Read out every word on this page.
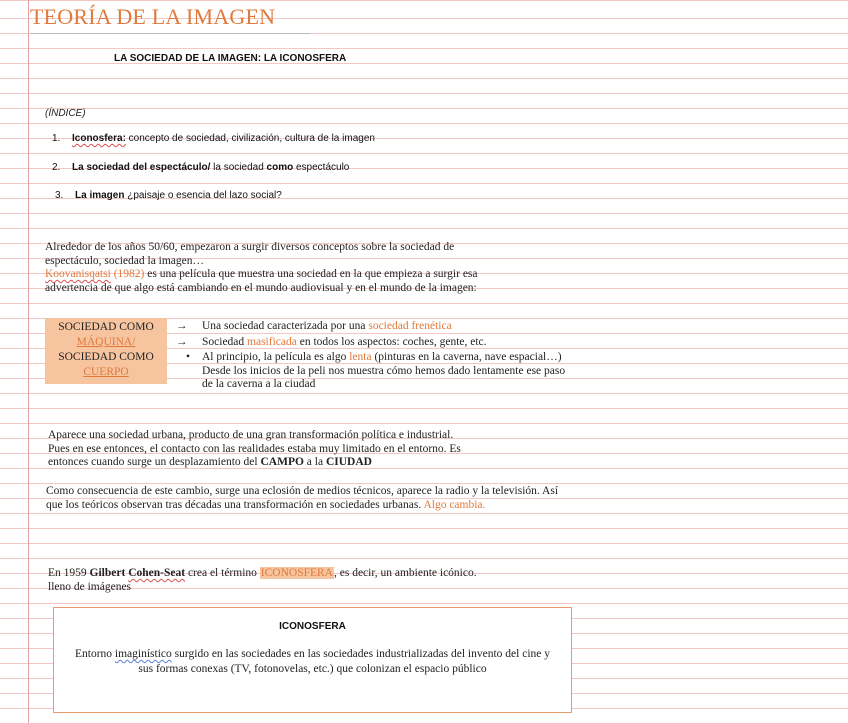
TEORÍA DE LA IMAGEN
LA SOCIEDAD DE LA IMAGEN: LA ICONOSFERA
(ÍNDICE)
1. Iconosfera: concepto de sociedad, civilización, cultura de la imagen
2. La sociedad del espectáculo/ la sociedad como espectáculo
3. La imagen ¿paisaje o esencia del lazo social?
Alrededor de los años 50/60, empezaron a surgir diversos conceptos sobre la sociedad de
espectáculo, sociedad la imagen…
Koovanisqatsi (1982) es una película que muestra una sociedad en la que empieza a surgir esa
advertencia de que algo está cambiando en el mundo audiovisual y en el mundo de la imagen:
SOCIEDAD COMO
MÁQUINA/
SOCIEDAD COMO
CUERPO
→ Una sociedad caracterizada por una sociedad frenética
→ Sociedad masificada en todos los aspectos: coches, gente, etc.
• Al principio, la película es algo lenta (pinturas en la caverna, nave espacial…) Desde los inicios de la peli nos muestra cómo hemos dado lentamente ese paso de la caverna a la ciudad
Aparece una sociedad urbana, producto de una gran transformación política e industrial.
Pues en ese entonces, el contacto con las realidades estaba muy limitado en el entorno. Es
entonces cuando surge un desplazamiento del CAMPO a la CIUDAD
Como consecuencia de este cambio, surge una eclosión de medios técnicos, aparece la radio y la televisión. Así que los teóricos observan tras décadas una transformación en sociedades urbanas. Algo cambia.
En 1959 Gilbert Cohen-Seat crea el término ICONOSFERA, es decir, un ambiente icónico.
lleno de imágenes
ICONOSFERA
Entorno imaginístico surgido en las sociedades en las sociedades industrializadas del invento del cine y sus formas conexas (TV, fotonovelas, etc.) que colonizan el espacio público
